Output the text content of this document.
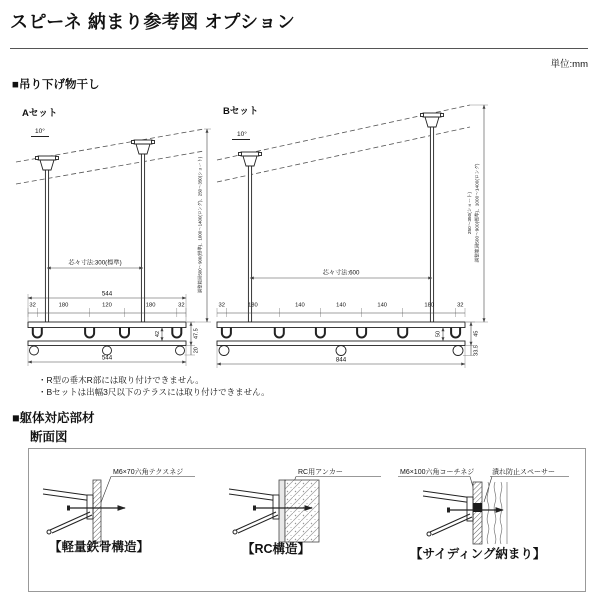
スピーネ 納まり参考図 オプション
単位:mm
■吊り下げ物干し
Aセット
10°
芯々寸法:300(標準)
544
32	180	120	180	32
42	47.5
20
544
調整範囲500〜900(標準)、1000〜1400(ロング)、250〜350(ショート)
Bセット
10°
芯々寸法:600
32	180	140	140	140	180	32
50	45
33.5
844
調整範囲500〜900(標準)、1000〜1400(ロング)
250〜350(ショート)
・R型の垂木R部には取り付けできません。
・Bセットは出幅3尺以下のテラスには取り付けできません。
■躯体対応部材
断面図
M6×70六角テクスネジ	RC用アンカー	M6×100六角コーチネジ	潰れ防止スペーサー
【軽量鉄骨構造】	【RC構造】	【サイディング納まり】
